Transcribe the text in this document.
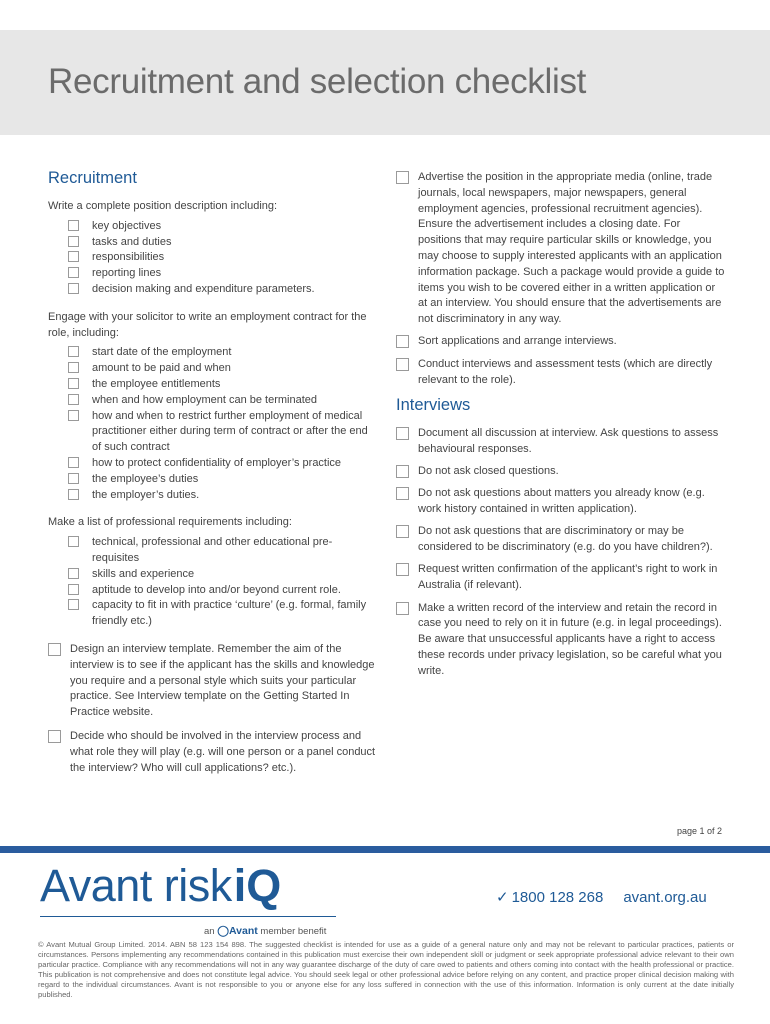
Recruitment and selection checklist
Recruitment

Write a complete position description including:

key objectives
tasks and duties
responsibilities
reporting lines
decision making and expenditure parameters.

Engage with your solicitor to write an employment contract for the role, including:

start date of the employment
amount to be paid and when
the employee entitlements
when and how employment can be terminated
how and when to restrict further employment of medical practitioner either during term of contract or after the end of such contract
how to protect confidentiality of employer’s practice
the employee’s duties
the employer’s duties.

Make a list of professional requirements including:

technical, professional and other educational pre-requisites
skills and experience
aptitude to develop into and/or beyond current role.
capacity to fit in with practice ‘culture’ (e.g. formal, family friendly etc.)
Design an interview template. Remember the aim of the interview is to see if the applicant has the skills and knowledge you require and a personal style which suits your particular practice. See Interview template on the Getting Started In Practice website.
Decide who should be involved in the interview process and what role they will play (e.g. will one person or a panel conduct the interview? Who will cull applications? etc.).
Advertise the position in the appropriate media (online, trade journals, local newspapers, major newspapers, general employment agencies, professional recruitment agencies). Ensure the advertisement includes a closing date. For positions that may require particular skills or knowledge, you may choose to supply interested applicants with an application information package. Such a package would provide a guide to items you wish to be covered either in a written application or at an interview. You should ensure that the advertisements are not discriminatory in any way.
Sort applications and arrange interviews.
Conduct interviews and assessment tests (which are directly relevant to the role).
Interviews
Document all discussion at interview. Ask questions to assess behavioural responses.
Do not ask closed questions.
Do not ask questions about matters you already know (e.g. work history contained in written application).
Do not ask questions that are discriminatory or may be considered to be discriminatory (e.g. do you have children?).
Request written confirmation of the applicant’s right to work in Australia (if relevant).
Make a written record of the interview and retain the record in case you need to rely on it in future (e.g. in legal proceedings). Be aware that unsuccessful applicants have a right to access these records under privacy legislation, so be careful what you write.
page 1 of 2
Avant riskiQ
an ◯Avant member benefit
✓ 1800 128 268 avant.org.au
© Avant Mutual Group Limited. 2014. ABN 58 123 154 898. The suggested checklist is intended for use as a guide of a general nature only and may not be relevant to particular practices, patients or circumstances. Persons implementing any recommendations contained in this publication must exercise their own independent skill or judgment or seek appropriate professional advice relevant to their own particular practice. Compliance with any recommendations will not in any way guarantee discharge of the duty of care owed to patients and others coming into contact with the health professional or practice. This publication is not comprehensive and does not constitute legal advice. You should seek legal or other professional advice before relying on any content, and practice proper clinical decision making with regard to the individual circumstances. Avant is not responsible to you or anyone else for any loss suffered in connection with the use of this information. Information is only current at the date initially published.
